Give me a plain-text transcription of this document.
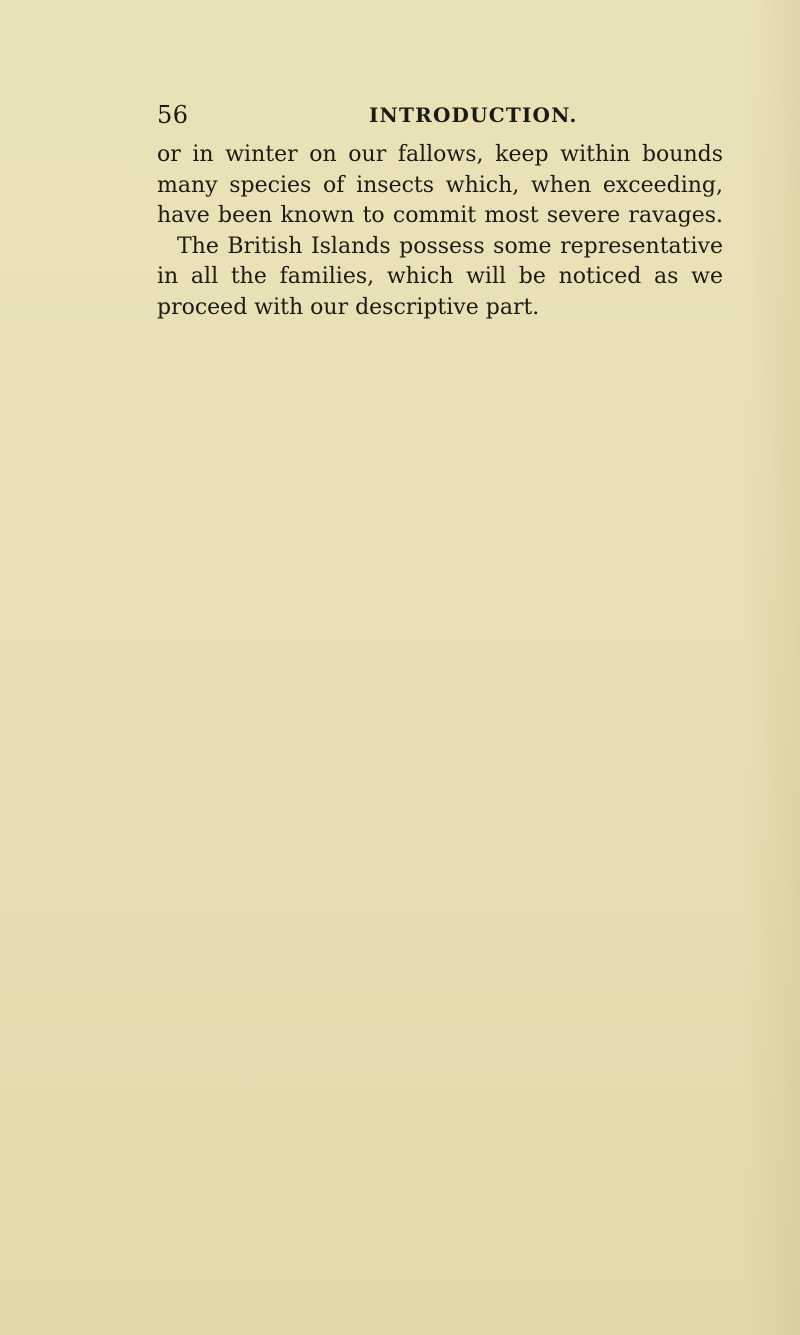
56	INTRODUCTION.
or in winter on our fallows, keep within bounds
many species of insects which, when exceeding,
have been known to commit most severe ravages.
The British Islands possess some representative
in all the families, which will be noticed as we
proceed with our descriptive part.
